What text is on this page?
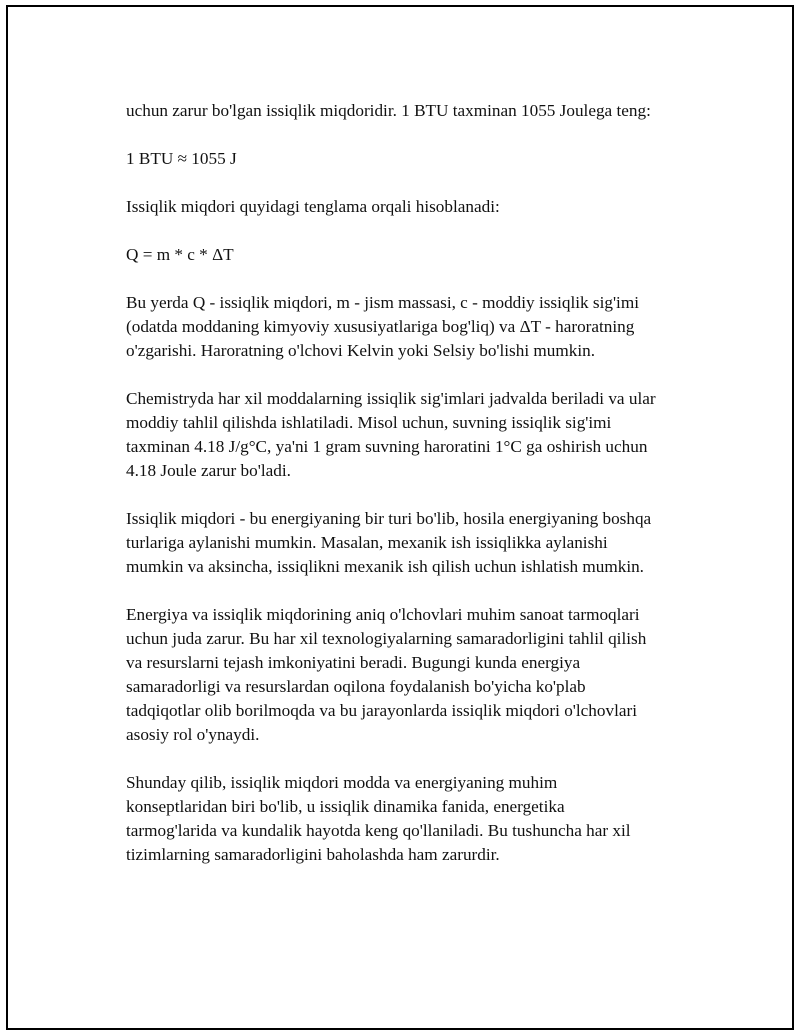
uchun zarur bo'lgan issiqlik miqdoridir. 1 BTU taxminan 1055 Joulega teng:

1 BTU ≈ 1055 J

Issiqlik miqdori quyidagi tenglama orqali hisoblanadi:

Q = m * c * ΔT

Bu yerda Q - issiqlik miqdori, m - jism massasi, c - moddiy issiqlik sig'imi
(odatda moddaning kimyoviy xususiyatlariga bog'liq) va ΔT - haroratning
o'zgarishi. Haroratning o'lchovi Kelvin yoki Selsiy bo'lishi mumkin.

Chemistryda har xil moddalarning issiqlik sig'imlari jadvalda beriladi va ular
moddiy tahlil qilishda ishlatiladi. Misol uchun, suvning issiqlik sig'imi
taxminan 4.18 J/g°C, ya'ni 1 gram suvning haroratini 1°C ga oshirish uchun
4.18 Joule zarur bo'ladi.

Issiqlik miqdori - bu energiyaning bir turi bo'lib, hosila energiyaning boshqa
turlariga aylanishi mumkin. Masalan, mexanik ish issiqlikka aylanishi
mumkin va aksincha, issiqlikni mexanik ish qilish uchun ishlatish mumkin.

Energiya va issiqlik miqdorining aniq o'lchovlari muhim sanoat tarmoqlari
uchun juda zarur. Bu har xil texnologiyalarning samaradorligini tahlil qilish
va resurslarni tejash imkoniyatini beradi. Bugungi kunda energiya
samaradorligi va resurslardan oqilona foydalanish bo'yicha ko'plab
tadqiqotlar olib borilmoqda va bu jarayonlarda issiqlik miqdori o'lchovlari
asosiy rol o'ynaydi.

Shunday qilib, issiqlik miqdori modda va energiyaning muhim
konseptlaridan biri bo'lib, u issiqlik dinamika fanida, energetika
tarmog'larida va kundalik hayotda keng qo'llaniladi. Bu tushuncha har xil
tizimlarning samaradorligini baholashda ham zarurdir.
